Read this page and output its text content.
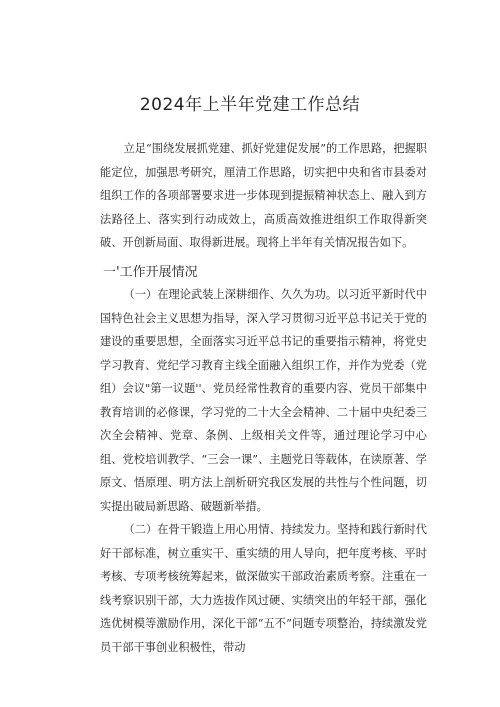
2024年上半年党建工作总结

立足“围绕发展抓党建、抓好党建促发展”的工作思路，把握职能定位，加强思考研究，厘清工作思路，切实把中央和省市县委对组织工作的各项部署要求进一步体现到提振精神状态上、融入到方法路径上、落实到行动成效上，高质高效推进组织工作取得新突破、开创新局面、取得新进展。现将上半年有关情况报告如下。

一'工作开展情况

（一）在理论武装上深耕细作、久久为功。以习近平新时代中国特色社会主义思想为指导，深入学习贯彻习近平总书记关于党的建设的重要思想，全面落实习近平总书记的重要指示精神，将党史学习教育、党纪学习教育主线全面融入组织工作，并作为党委（党组）会议"第一议题''、党员经常性教育的重要内容、党员干部集中教育培训的必修课，学习党的二十大全会精神、二十届中央纪委三次全会精神、党章、条例、上级相关文件等，通过理论学习中心组、党校培训教学、“三会一课”、主题党日等载体，在读原著、学原文、悟原理、明方法上剖析研究我区发展的共性与个性问题，切实提出破局新思路、破题新举措。

（二）在骨干锻造上用心用情、持续发力。坚持和践行新时代好干部标准，树立重实干、重实绩的用人导向，把年度考核、平时考核、专项考核统筹起来，做深做实干部政治素质考察。注重在一线考察识别干部，大力选拔作风过硬、实绩突出的年轻干部，强化选优树模等激励作用，深化干部“五不”问题专项整治，持续激发党员干部干事创业积极性，带动
